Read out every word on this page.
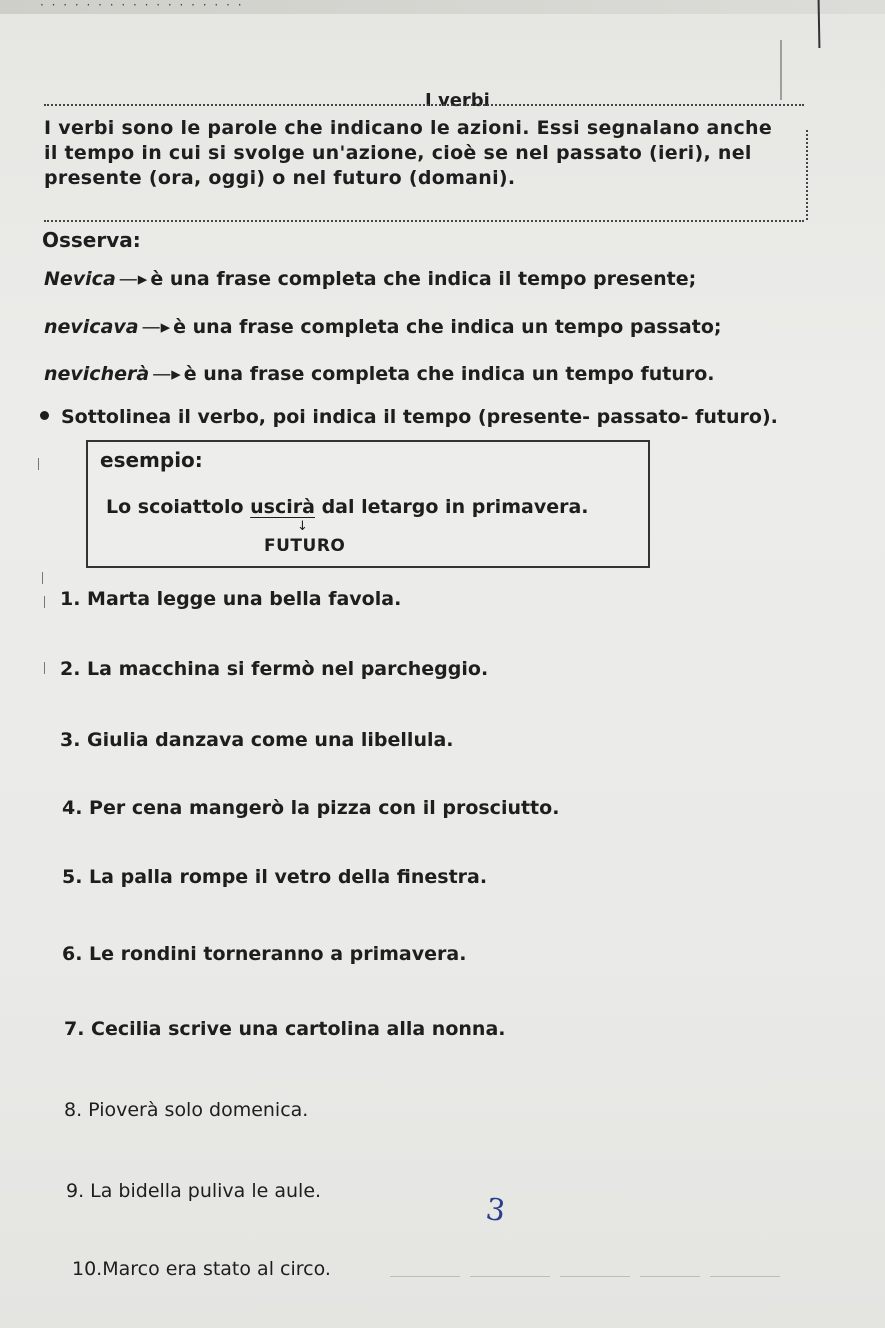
· · · · · · · · · · · · · · · · · ·
I verbi
I verbi sono le parole che indicano le azioni. Essi segnalano anche
il tempo in cui si svolge un'azione, cioè se nel passato (ieri), nel
presente (ora, oggi) o nel futuro (domani).
Osserva:
Nevica —▸ è una frase completa che indica il tempo presente;
nevicava —▸ è una frase completa che indica un tempo passato;
nevicherà —▸ è una frase completa che indica un tempo futuro.
Sottolinea il verbo, poi indica il tempo (presente- passato- futuro).
esempio:
Lo scoiattolo uscirà dal letargo in primavera.
↓
FUTURO
1. Marta legge una bella favola.
2. La macchina si fermò nel parcheggio.
3. Giulia danzava come una libellula.
4. Per cena mangerò la pizza con il prosciutto.
5. La palla rompe il vetro della finestra.
6. Le rondini torneranno a primavera.
7. Cecilia scrive una cartolina alla nonna.
8. Pioverà solo domenica.
9. La bidella puliva le aule.
10.Marco era stato al circo.
3
